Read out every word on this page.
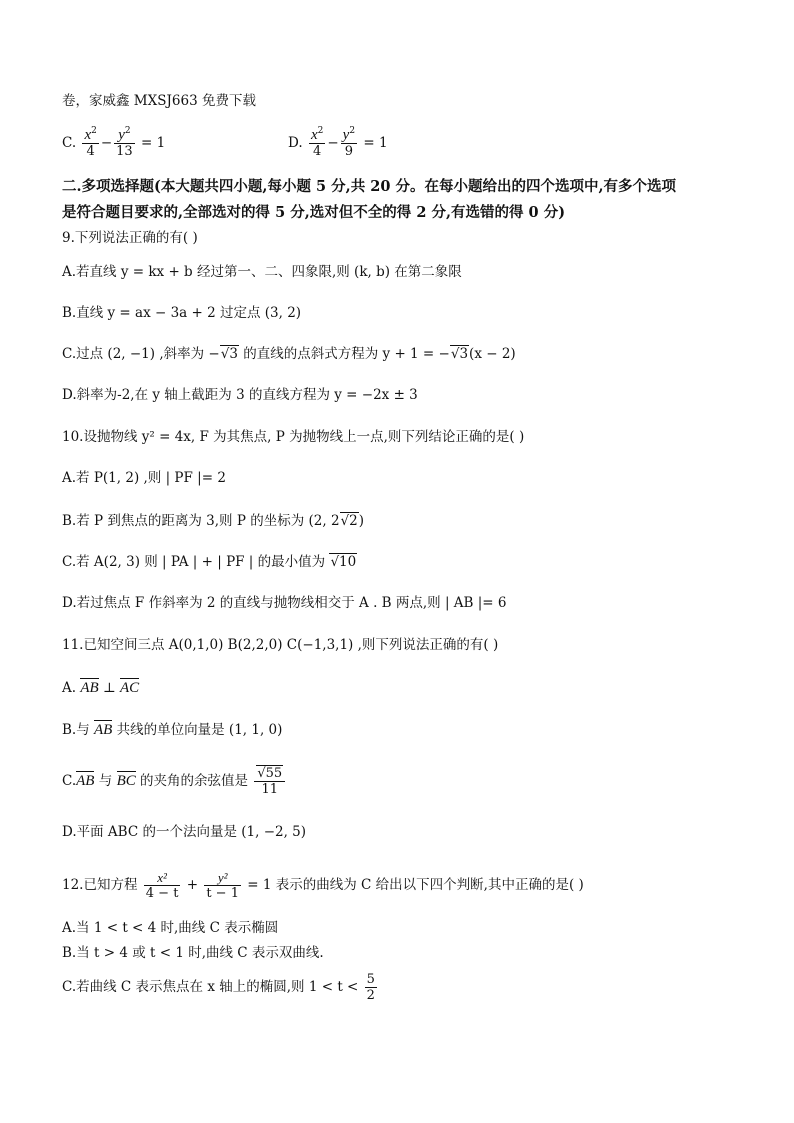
卷，家威鑫 MXSJ663 免费下载
C. $\frac{x^2}{4} - \frac{y^2}{13} = 1$	D. $\frac{x^2}{4} - \frac{y^2}{9} = 1$
二.多项选择题(本大题共四小题,每小题 5 分,共 20 分。在每小题给出的四个选项中,有多个选项
是符合题目要求的,全部选对的得 5 分,选对但不全的得 2 分,有选错的得 0 分)
9.下列说法正确的有( )
A.若直线 y = kx + b 经过第一、二、四象限,则 (k, b) 在第二象限
B.直线 y = ax − 3a + 2 过定点 (3, 2)
C.过点 (2, −1) ,斜率为 −√3 的直线的点斜式方程为 y + 1 = −√3(x − 2)
D.斜率为-2,在 y 轴上截距为 3 的直线方程为 y = −2x ± 3
10.设抛物线 y² = 4x, F 为其焦点, P 为抛物线上一点,则下列结论正确的是( )
A.若 P(1, 2) ,则 | PF |= 2
B.若 P 到焦点的距离为 3,则 P 的坐标为 (2, 2√2)
C.若 A(2, 3) 则 | PA | + | PF | 的最小值为 √10
D.若过焦点 F 作斜率为 2 的直线与抛物线相交于 A . B 两点,则 | AB |= 6
11.已知空间三点 A(0,1,0) B(2,2,0) C(−1,3,1) ,则下列说法正确的有( )
A. AB ⊥ AC
B.与 AB 共线的单位向量是 (1, 1, 0)
C.AB 与 BC 的夹角的余弦值是 $\frac{√55}{11}$
D.平面 ABC 的一个法向量是 (1, −2, 5)
12.已知方程 $\frac{\text{x²}}{4 - t} + \frac{\text{y²}}{t - 1} = 1$ 表示的曲线为 C 给出以下四个判断,其中正确的是( )
A.当 1 < t < 4 时,曲线 C 表示椭圆
B.当 t > 4 或 t < 1 时,曲线 C 表示双曲线.
C.若曲线 C 表示焦点在 x 轴上的椭圆,则 $1 < t < \frac{5}{2}$
